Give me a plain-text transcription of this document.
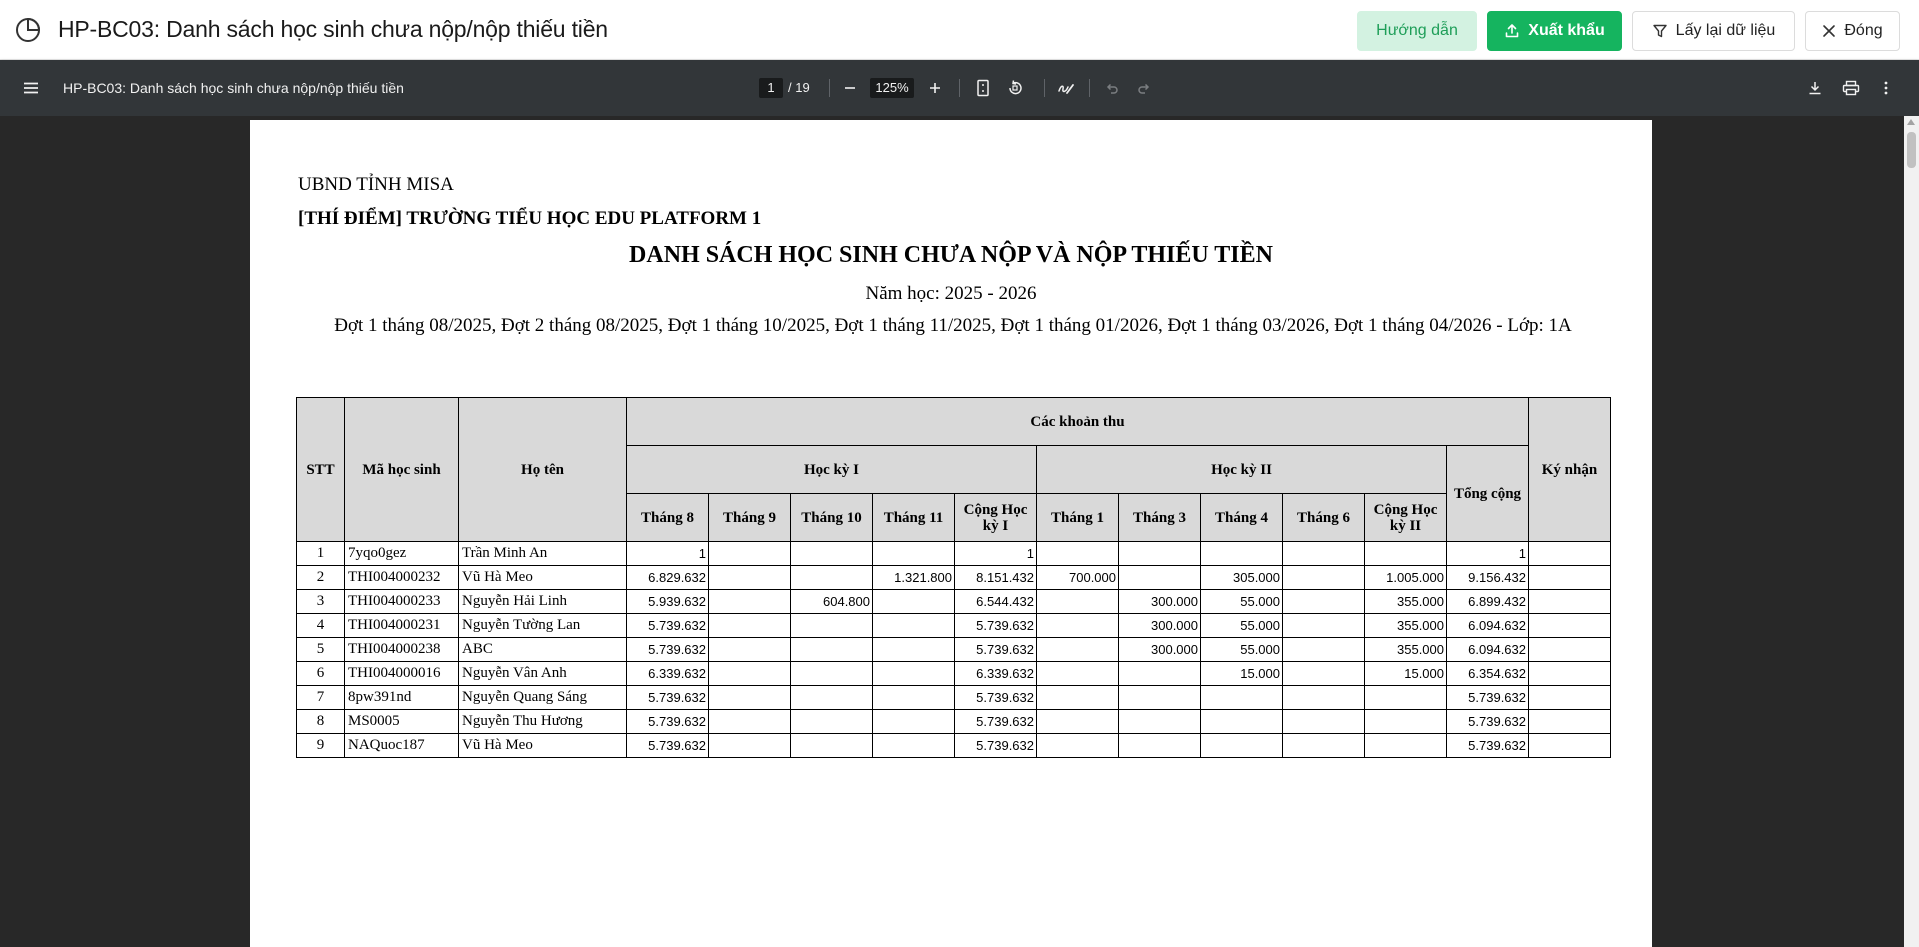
HP-BC03: Danh sách học sinh chưa nộp/nộp thiếu tiền	Hướng dẫn	Xuất khẩu	Lấy lại dữ liệu	Đóng
HP-BC03: Danh sách học sinh chưa nộp/nộp thiếu tiền	1	/ 19	125%
UBND TỈNH MISA
[THÍ ĐIỂM] TRƯỜNG TIỂU HỌC EDU PLATFORM 1
DANH SÁCH HỌC SINH CHƯA NỘP VÀ NỘP THIẾU TIỀN
Năm học: 2025 - 2026
Đợt 1 tháng 08/2025, Đợt 2 tháng 08/2025, Đợt 1 tháng 10/2025, Đợt 1 tháng 11/2025, Đợt 1 tháng 01/2026, Đợt 1 tháng 03/2026, Đợt 1 tháng 04/2026 - Lớp: 1A
STT	Mã học sinh	Họ tên	Các khoản thu											Ký nhận
			Học kỳ I					Học kỳ II					Tổng cộng	
			Tháng 8	Tháng 9	Tháng 10	Tháng 11	Cộng Học kỳ I	Tháng 1	Tháng 3	Tháng 4	Tháng 6	Cộng Học kỳ II		
1	7yqo0gez	Trần Minh An	1				1						1	
2	THI004000232	Vũ Hà Meo	6.829.632			1.321.800	8.151.432	700.000		305.000		1.005.000	9.156.432	
3	THI004000233	Nguyễn Hải Linh	5.939.632		604.800		6.544.432		300.000	55.000		355.000	6.899.432	
4	THI004000231	Nguyễn Tường Lan	5.739.632				5.739.632		300.000	55.000		355.000	6.094.632	
5	THI004000238	ABC	5.739.632				5.739.632		300.000	55.000		355.000	6.094.632	
6	THI004000016	Nguyễn Vân Anh	6.339.632				6.339.632			15.000		15.000	6.354.632	
7	8pw391nd	Nguyễn Quang Sáng	5.739.632				5.739.632						5.739.632	
8	MS0005	Nguyễn Thu Hương	5.739.632				5.739.632						5.739.632	
9	NAQuoc187	Vũ Hà Meo	5.739.632				5.739.632						5.739.632	
